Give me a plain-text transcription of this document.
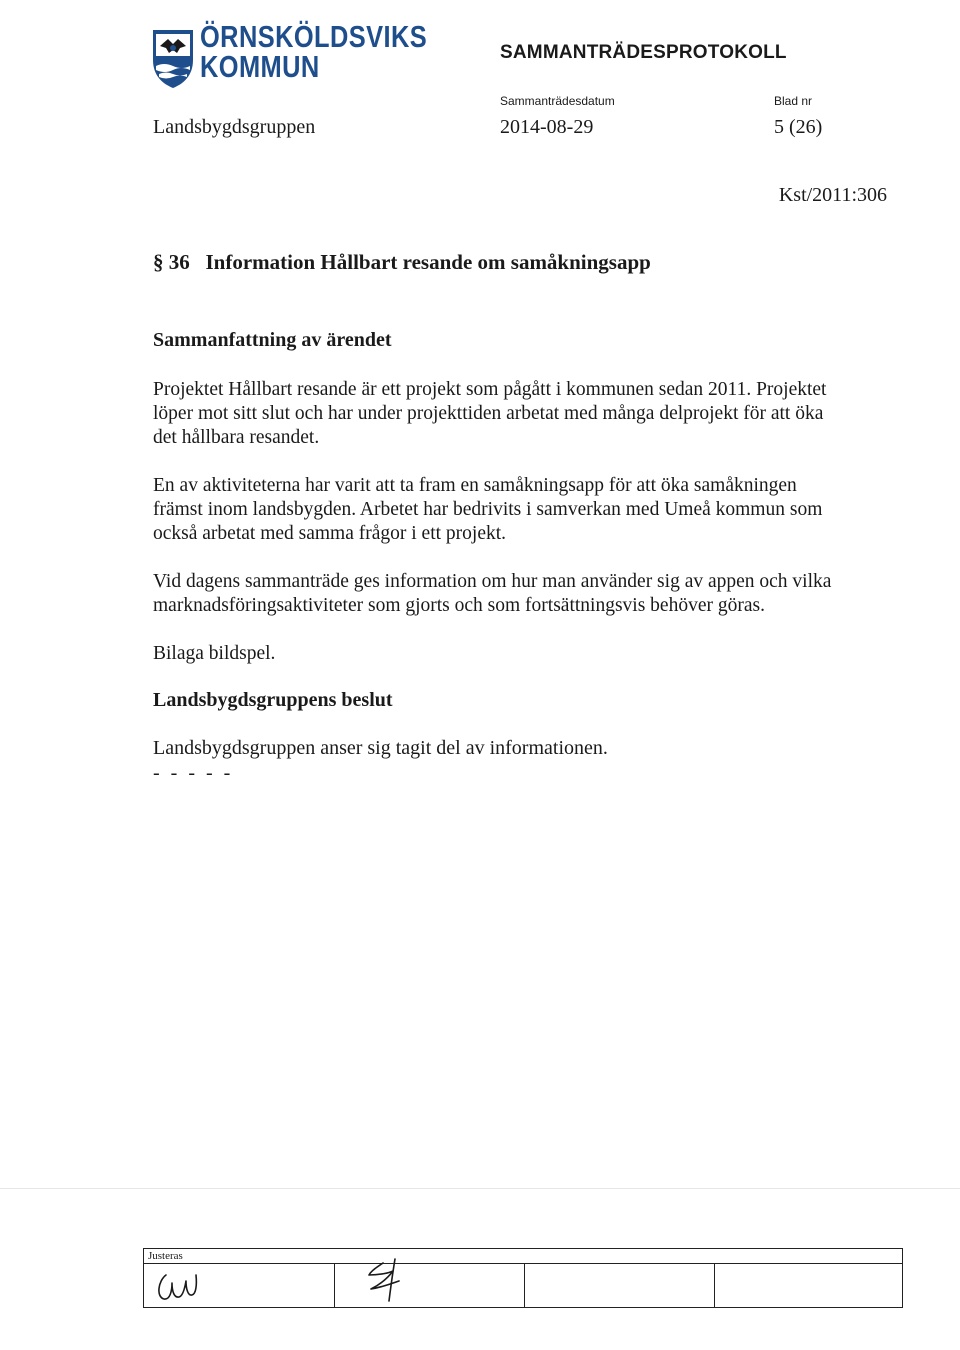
ÖRNSKÖLDSVIKS
KOMMUN	SAMMANTRÄDESPROTOKOLL
Sammanträdesdatum	Blad nr
Landsbygdsgruppen	2014-08-29	5 (26)
Kst/2011:306
§ 36   Information Hållbart resande om samåkningsapp
Sammanfattning av ärendet
Projektet Hållbart resande är ett projekt som pågått i kommunen sedan 2011. Projektet
löper mot sitt slut och har under projekttiden arbetat med många delprojekt för att öka
det hållbara resandet.
En av aktiviteterna har varit att ta fram en samåkningsapp för att öka samåkningen
främst inom landsbygden. Arbetet har bedrivits i samverkan med Umeå kommun som
också arbetat med samma frågor i ett projekt.
Vid dagens sammanträde ges information om hur man använder sig av appen och vilka
marknadsföringsaktiviteter som gjorts och som fortsättningsvis behöver göras.
Bilaga bildspel.
Landsbygdsgruppens beslut
Landsbygdsgruppen anser sig tagit del av informationen.
- - - - -
Justeras
